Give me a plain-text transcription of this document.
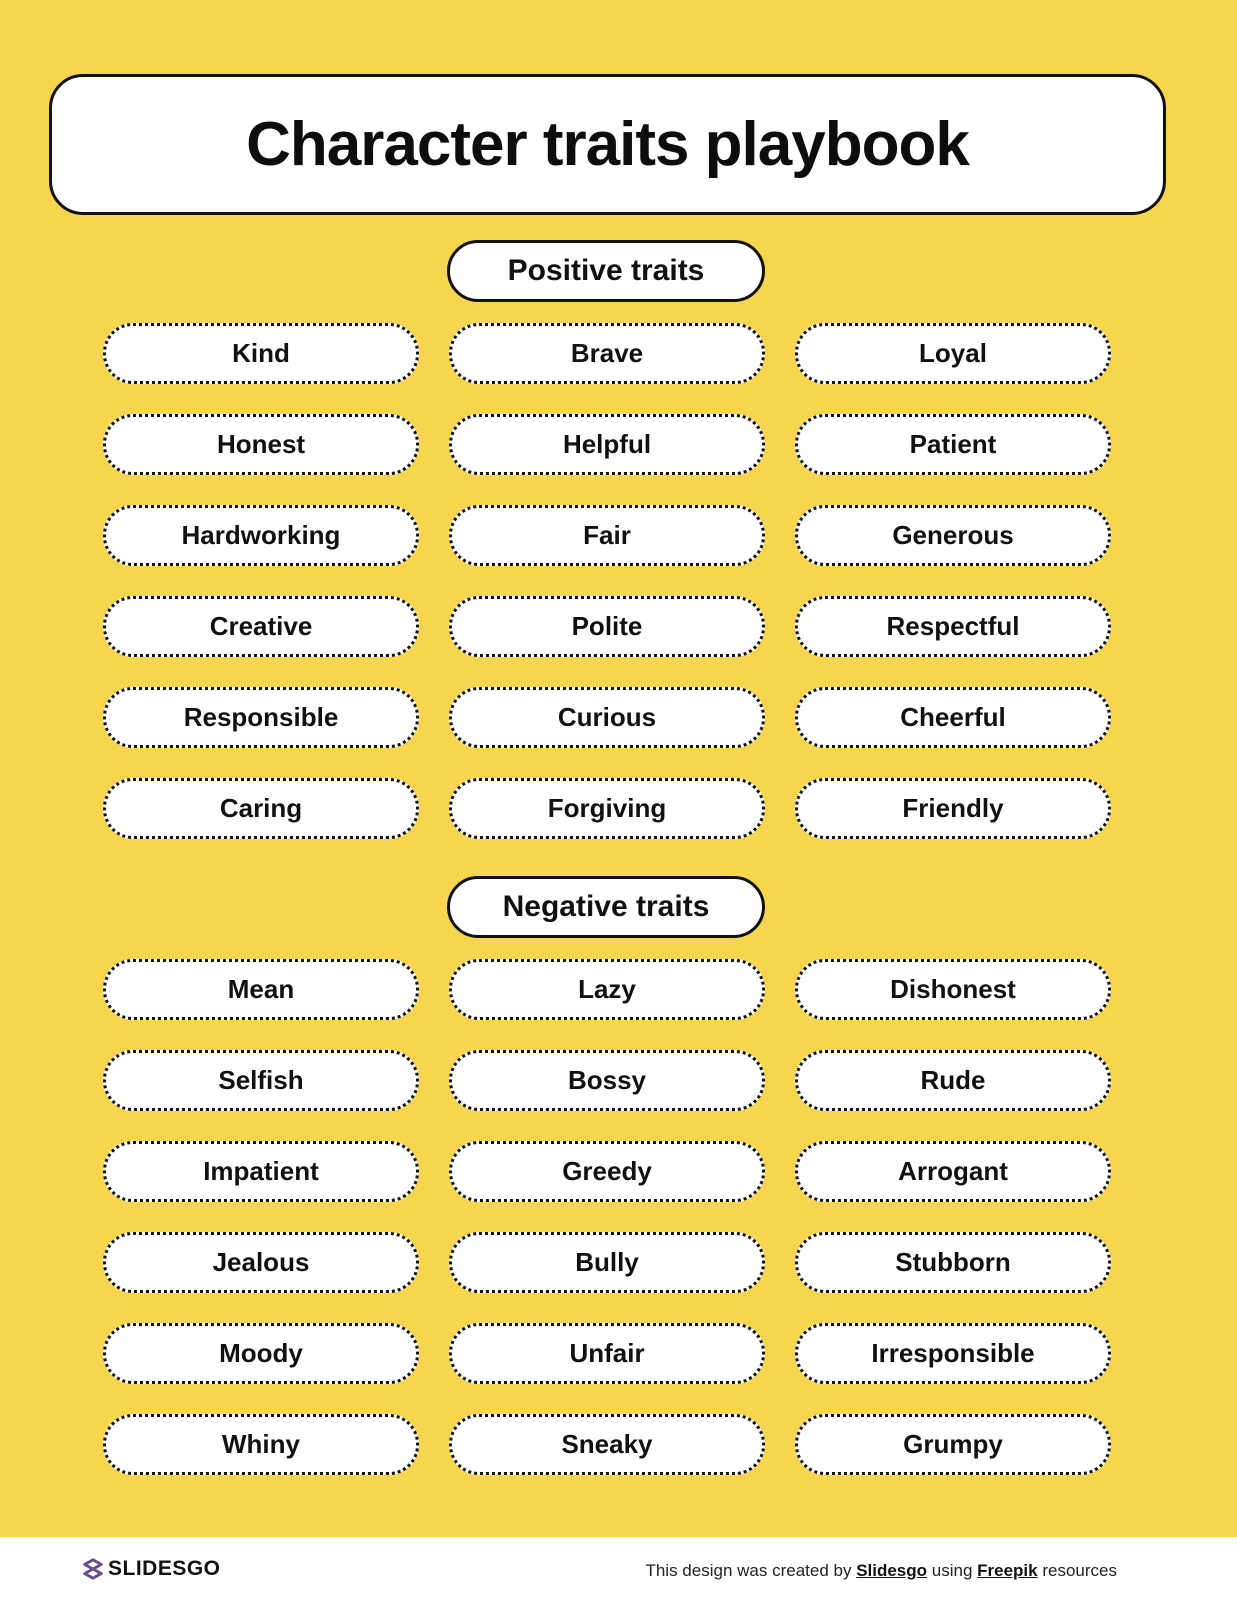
Character traits playbook
Positive traits
Kind	Brave	Loyal
Honest	Helpful	Patient
Hardworking	Fair	Generous
Creative	Polite	Respectful
Responsible	Curious	Cheerful
Caring	Forgiving	Friendly
Negative traits
Mean	Lazy	Dishonest
Selfish	Bossy	Rude
Impatient	Greedy	Arrogant
Jealous	Bully	Stubborn
Moody	Unfair	Irresponsible
Whiny	Sneaky	Grumpy
SLIDESGO	This design was created by Slidesgo using Freepik resources
